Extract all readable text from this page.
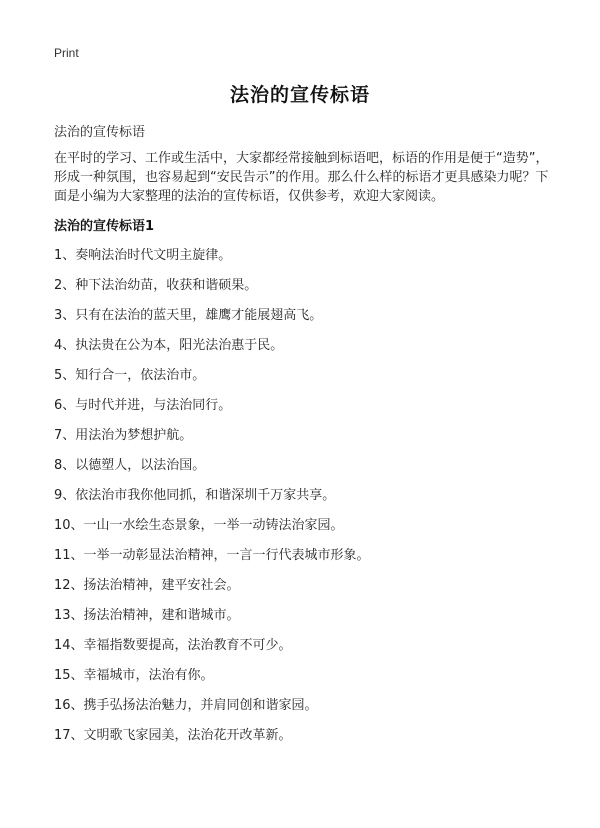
Print
法治的宣传标语
法治的宣传标语

在平时的学习、工作或生活中，大家都经常接触到标语吧，标语的作用是便于“造势”，形成一种氛围，也容易起到“安民告示”的作用。那么什么样的标语才更具感染力呢？下面是小编为大家整理的法治的宣传标语，仅供参考，欢迎大家阅读。

法治的宣传标语1
1、奏响法治时代文明主旋律。
2、种下法治幼苗，收获和谐硕果。
3、只有在法治的蓝天里，雄鹰才能展翅高飞。
4、执法贵在公为本，阳光法治惠于民。
5、知行合一，依法治市。
6、与时代并进，与法治同行。
7、用法治为梦想护航。
8、以德塑人，以法治国。
9、依法治市我你他同抓，和谐深圳千万家共享。
10、一山一水绘生态景象，一举一动铸法治家园。
11、一举一动彰显法治精神，一言一行代表城市形象。
12、扬法治精神，建平安社会。
13、扬法治精神，建和谐城市。
14、幸福指数要提高，法治教育不可少。
15、幸福城市，法治有你。
16、携手弘扬法治魅力，并肩同创和谐家园。
17、文明歌飞家园美，法治花开改革新。
